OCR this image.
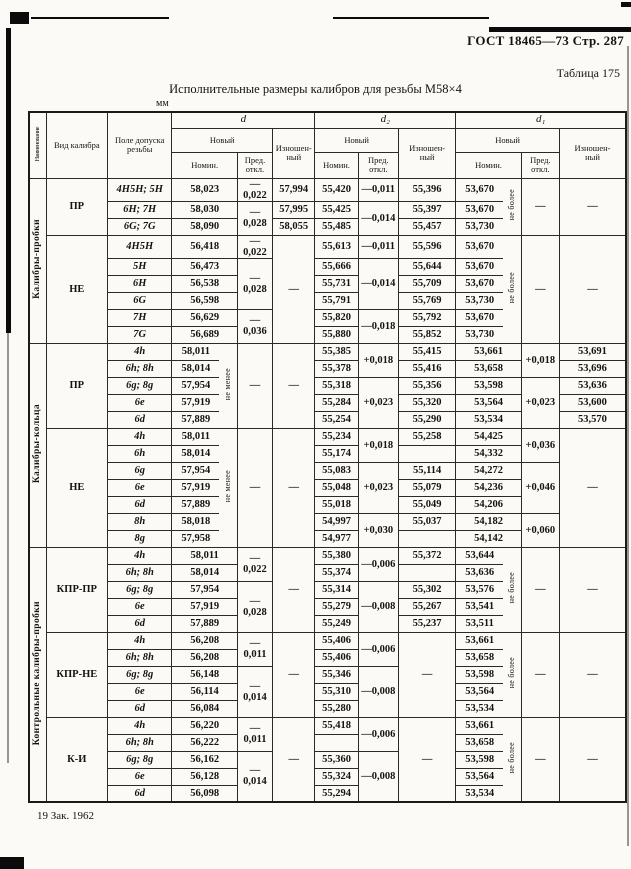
ГОСТ 18465—73 Стр. 287
Таблица 175
Исполнительные размеры калибров для резьбы М58×4
мм
Наименование	Вид калибра	Поле допуска резьбы	d				d₂			d₁			
			Новый			Изношен-ный	Новый		Изношен-ный	Новый			Изношен-ный
			Номин.		Пред. откл.		Номин.	Пред. откл.		Номин.		Пред. откл.	
Калибры-пробки	ПР	4Н5Н; 5Н	58,023		—0,022	57,994	55,420	—0,011	55,396	53,670	не более	—	—
		6Н; 7Н	58,030		—0,028	57,995	55,425	—0,014	55,397	53,670			
		6G; 7G	58,090			58,055	55,485		55,457	53,730			
	НЕ	4Н5Н	56,418		—0,022	—	55,613	—0,011	55,596	53,670	не более	—	—
		5Н	56,473		—0,028		55,666	—0,014	55,644	53,670			
		6Н	56,538				55,731		55,709	53,670			
		6G	56,598				55,791		55,769	53,730			
		7Н	56,629		—0,036		55,820	—0,018	55,792	53,670			
		7G	56,689				55,880		55,852	53,730			
Калибры-кольца	ПР	4h	58,011	не менее	—	—	55,385	+0,018	55,415	53,661		+0,018	53,691
		6h; 8h	58,014				55,378		55,416	53,658			53,696
		6g; 8g	57,954				55,318	+0,023	55,356	53,598		+0,023	53,636
		6e	57,919				55,284		55,320	53,564			53,600
		6d	57,889				55,254		55,290	53,534			53,570
	НЕ	4h	58,011	не менее	—	—	55,234	+0,018	55,258	54,425		+0,036	—
		6h	58,014				55,174			54,332			
		6g	57,954				55,083	+0,023	55,114	54,272		+0,046	
		6e	57,919				55,048		55,079	54,236			
		6d	57,889				55,018		55,049	54,206			
		8h	58,018				54,997	+0,030	55,037	54,182		+0,060	
		8g	57,958				54,977			54,142			
Контрольные калибры-пробки	КПР-ПР	4h	58,011		—0,022	—	55,380	—0,006	55,372	53,644	не более	—	—
		6h; 8h	58,014				55,374			53,636			
		6g; 8g	57,954		—0,028		55,314	—0,008	55,302	53,576			
		6e	57,919				55,279		55,267	53,541			
		6d	57,889				55,249		55,237	53,511			
	КПР-НЕ	4h	56,208		—0,011	—	55,406	—0,006	—	53,661	не более	—	—
		6h; 8h	56,208				55,406			53,658			
		6g; 8g	56,148		—0,014		55,346	—0,008		53,598			
		6e	56,114				55,310			53,564			
		6d	56,084				55,280			53,534			
	К-И	4h	56,220		—0,011	—	55,418	—0,006	—	53,661	не более	—	—
		6h; 8h	56,222							53,658			
		6g; 8g	56,162		—0,014		55,360	—0,008		53,598			
		6e	56,128				55,324			53,564			
		6d	56,098				55,294			53,534			
19 Зак. 1962
